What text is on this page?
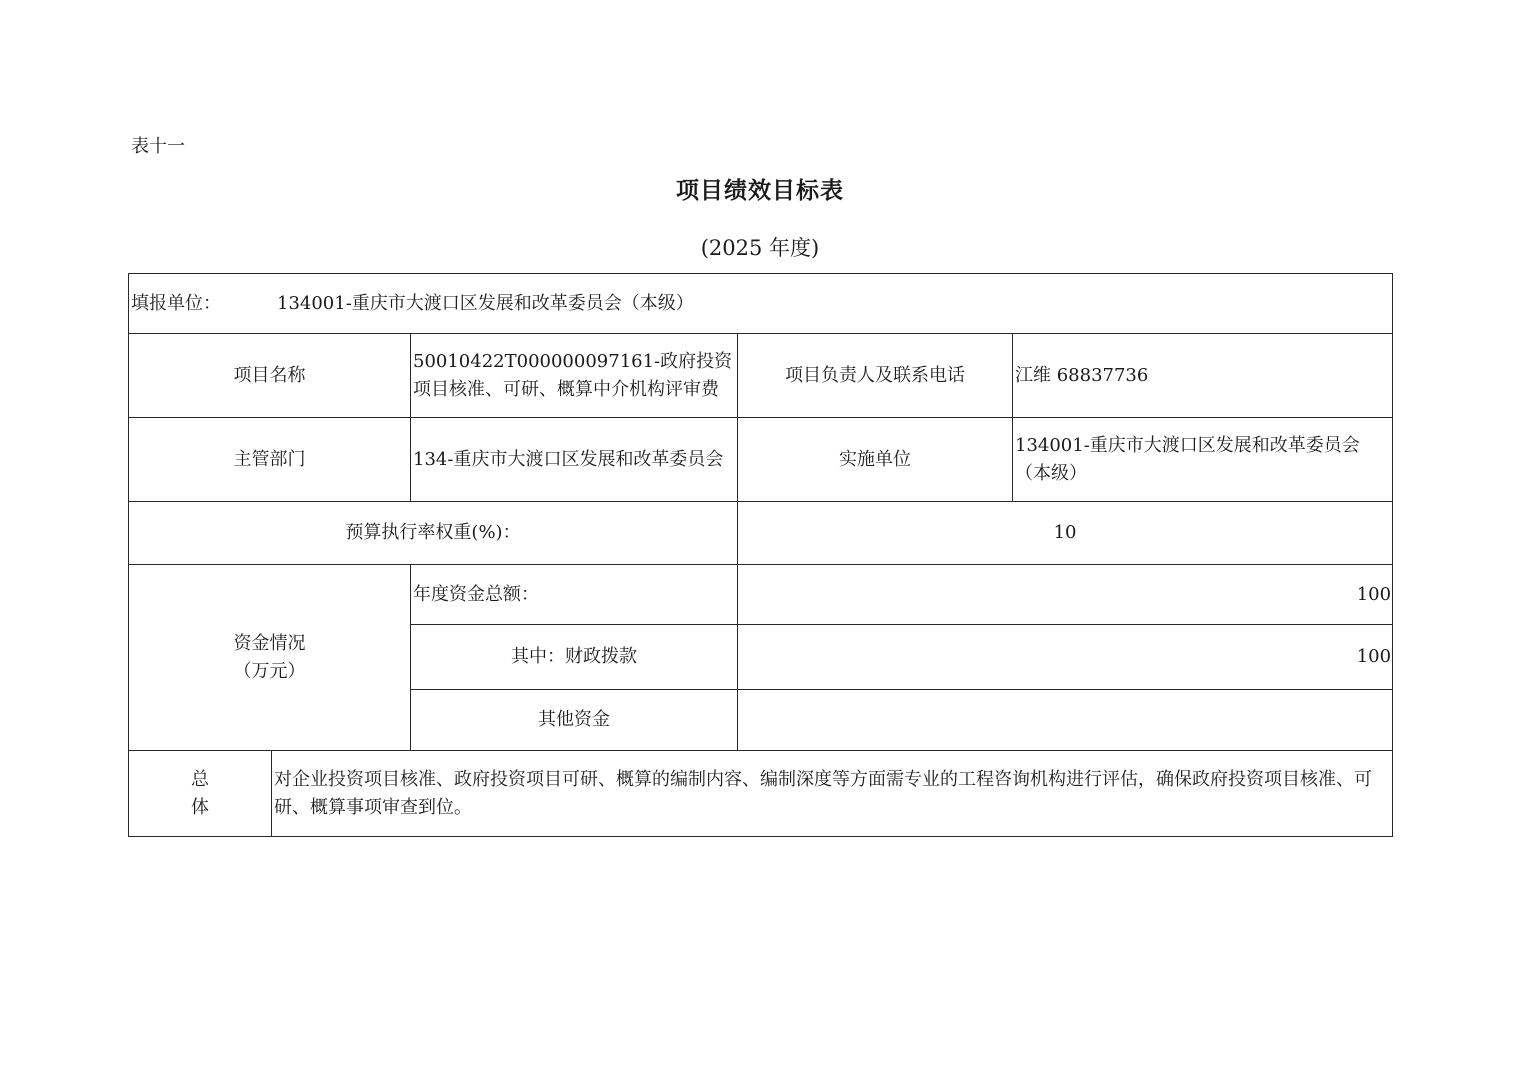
表十一
项目绩效目标表
(2025 年度)
填报单位： 134001-重庆市大渡口区发展和改革委员会（本级）				
项目名称		50010422T000000097161-政府投资项目核准、可研、概算中介机构评审费	项目负责人及联系电话	江维 68837736
主管部门		134-重庆市大渡口区发展和改革委员会	实施单位	134001-重庆市大渡口区发展和改革委员会（本级）
预算执行率权重(%)：			10	

资金情况
（万元）		年度资金总额：	100	
		其中：财政拨款	100	
		其他资金		

总
体	对企业投资项目核准、政府投资项目可研、概算的编制内容、编制深度等方面需专业的工程咨询机构进行评估，确保政府投资项目核准、可研、概算事项审查到位。			
